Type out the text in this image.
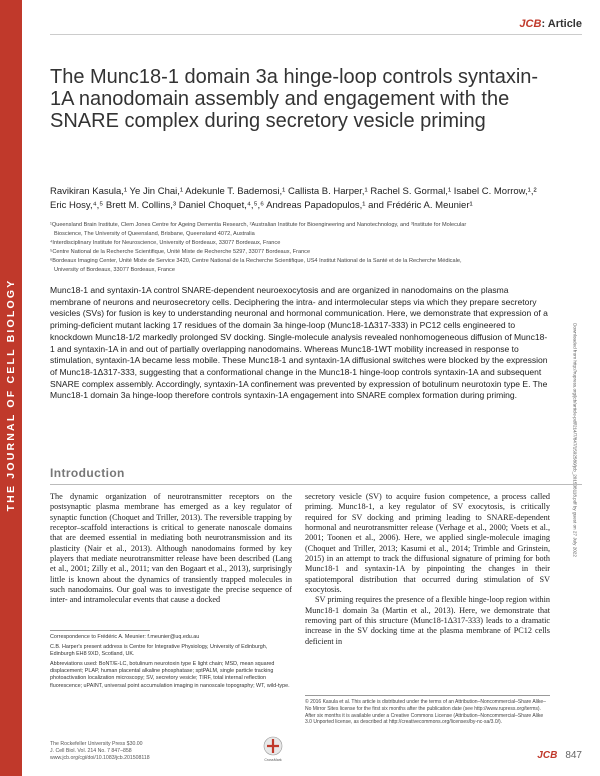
THE JOURNAL OF CELL BIOLOGY
JCB: Article
The Munc18-1 domain 3a hinge-loop controls syntaxin-1A nanodomain assembly and engagement with the SNARE complex during secretory vesicle priming
Ravikiran Kasula,¹ Ye Jin Chai,¹ Adekunle T. Bademosi,¹ Callista B. Harper,¹ Rachel S. Gormal,¹ Isabel C. Morrow,¹,² Eric Hosy,⁴,⁵ Brett M. Collins,³ Daniel Choquet,⁴,⁵,⁶ Andreas Papadopulos,¹ and Frédéric A. Meunier¹
¹Queensland Brain Institute, Clem Jones Centre for Ageing Dementia Research, ²Australian Institute for Bioengineering and Nanotechnology, and ³Institute for Molecular
Bioscience, The University of Queensland, Brisbane, Queensland 4072, Australia
⁴Interdisciplinary Institute for Neuroscience, University of Bordeaux, 33077 Bordeaux, France
⁵Centre National de la Recherche Scientifique, Unité Mixte de Recherche 5297, 33077 Bordeaux, France
⁶Bordeaux Imaging Center, Unité Mixte de Service 3420, Centre National de la Recherche Scientifique, US4 Institut National de la Santé et de la Recherche Médicale,
University of Bordeaux, 33077 Bordeaux, France
Munc18-1 and syntaxin-1A control SNARE-dependent neuroexocytosis and are organized in nanodomains on the plasma membrane of neurons and neurosecretory cells. Deciphering the intra- and intermolecular steps via which they prepare secretory vesicles (SVs) for fusion is key to understanding neuronal and hormonal communication. Here, we demonstrate that expression of a priming-deficient mutant lacking 17 residues of the domain 3a hinge-loop (Munc18-1Δ317-333) in PC12 cells engineered to knockdown Munc18-1/2 markedly prolonged SV docking. Single-molecule analysis revealed nonhomogeneous diffusion of Munc18-1 and syntaxin-1A in and out of partially overlapping nanodomains. Whereas Munc18-1WT mobility increased in response to stimulation, syntaxin-1A became less mobile. These Munc18-1 and syntaxin-1A diffusional switches were blocked by the expression of Munc18-1Δ317-333, suggesting that a conformational change in the Munc18-1 hinge-loop controls syntaxin-1A and subsequent SNARE complex assembly. Accordingly, syntaxin-1A confinement was prevented by expression of botulinum neurotoxin type E. The Munc18-1 domain 3a hinge-loop therefore controls syntaxin-1A engagement into SNARE complex formation during priming.	Downloaded from http://rupress.org/jcb/article-pdf/214/7/847/1592580/jcb_201508118.pdf by guest on 27 July 2022
Introduction
The dynamic organization of neurotransmitter receptors on the postsynaptic plasma membrane has emerged as a key regulator of synaptic function (Choquet and Triller, 2013). The reversible trapping by receptor–scaffold interactions is critical to generate nanoscale domains that are deemed essential in mediating both neurotransmission and its plasticity (Nair et al., 2013). Although nanodomains formed by key players that mediate neurotransmitter release have been described (Lang et al., 2001; Zilly et al., 2011; van den Bogaart et al., 2013), surprisingly little is known about the dynamics of transiently trapped molecules in such nanodomains. Our goal was to investigate the precise sequence of inter- and intramolecular events that cause a docked

secretory vesicle (SV) to acquire fusion competence, a process called priming. Munc18-1, a key regulator of SV exocytosis, is critically required for SV docking and priming leading to SNARE-dependent hormonal and neurotransmitter release (Verhage et al., 2000; Voets et al., 2001; Toonen et al., 2006). Here, we applied single-molecule imaging (Choquet and Triller, 2013; Kasumi et al., 2014; Trimble and Grinstein, 2015) in an attempt to track the diffusional signature of priming for both Munc18-1 and syntaxin-1A by pinpointing the changes in their spatiotemporal distribution that occurred during stimulation of SV exocytosis.

SV priming requires the presence of a flexible hinge-loop region within Munc18-1 domain 3a (Martin et al., 2013). Here, we demonstrate that removing part of this structure (Munc18-1Δ317-333) leads to a dramatic increase in the SV docking time at the plasma membrane of PC12 cells deficient in

Correspondence to Frédéric A. Meunier: f.meunier@uq.edu.au

C.B. Harper's present address is Centre for Integrative Physiology, University of Edinburgh, Edinburgh EH8 9XD, Scotland, UK.

Abbreviations used: BoNT/E-LC, botulinum neurotoxin type E light chain; MSD, mean squared displacement; PLAP, human placental alkaline phosphatase; sptPALM, single particle tracking photoactivation localization microscopy; SV, secretory vesicle; TIRF, total internal reflection fluorescence; uPAINT, universal point accumulation imaging in nanoscale topography; WT, wild-type.

© 2016 Kasula et al. This article is distributed under the terms of an Attribution–Noncommercial–Share Alike–No Mirror Sites license for the first six months after the publication date (see http://www.rupress.org/terms). After six months it is available under a Creative Commons License (Attribution–Noncommercial–Share Alike 3.0 Unported license, as described at http://creativecommons.org/licenses/by-nc-sa/3.0/).
The Rockefeller University Press $30.00
J. Cell Biol. Vol. 214 No. 7 847–858
www.jcb.org/cgi/doi/10.1083/jcb.201508118	CrossMark	JCB 847
